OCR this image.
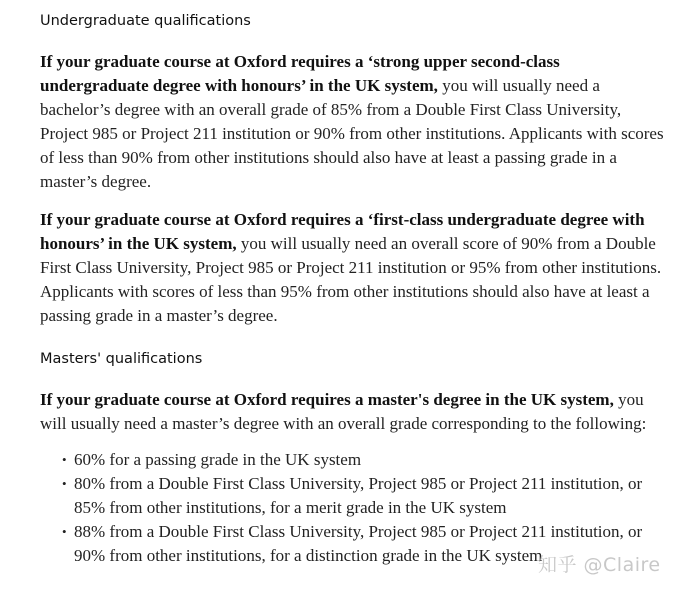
Undergraduate qualifications

If your graduate course at Oxford requires a ‘strong upper second-class undergraduate degree with honours’ in the UK system, you will usually need a bachelor’s degree with an overall grade of 85% from a Double First Class University, Project 985 or Project 211 institution or 90% from other institutions. Applicants with scores of less than 90% from other institutions should also have at least a passing grade in a master’s degree.

If your graduate course at Oxford requires a ‘first-class undergraduate degree with honours’ in the UK system, you will usually need an overall score of 90% from a Double First Class University, Project 985 or Project 211 institution or 95% from other institutions. Applicants with scores of less than 95% from other institutions should also have at least a passing grade in a master’s degree.

Masters' qualifications

If your graduate course at Oxford requires a master's degree in the UK system, you will usually need a master’s degree with an overall grade corresponding to the following:

• 60% for a passing grade in the UK system
• 80% from a Double First Class University, Project 985 or Project 211 institution, or 85% from other institutions, for a merit grade in the UK system
• 88% from a Double First Class University, Project 985 or Project 211 institution, or 90% from other institutions, for a distinction grade in the UK system
知乎 @Claire
